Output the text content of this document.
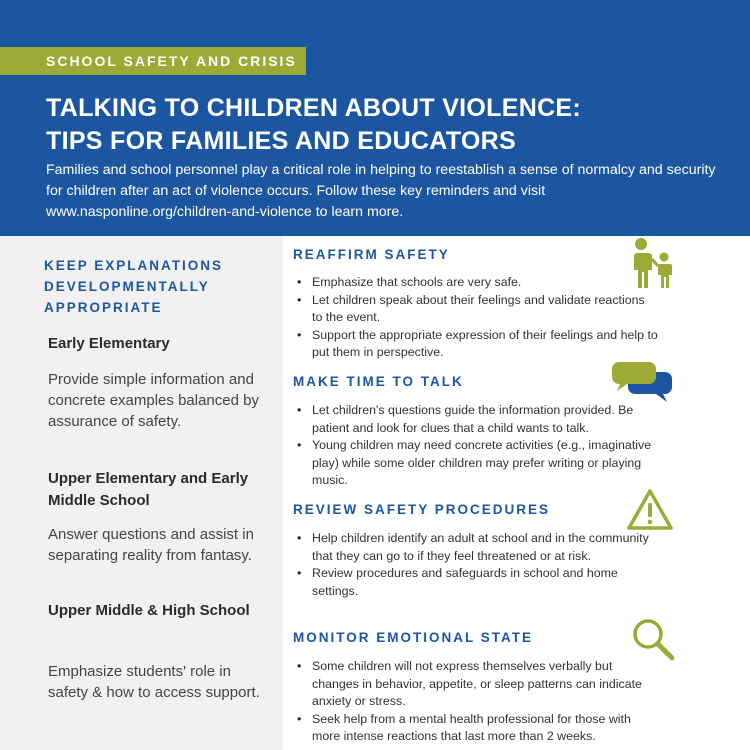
SCHOOL SAFETY AND CRISIS
TALKING TO CHILDREN ABOUT VIOLENCE:
TIPS FOR FAMILIES AND EDUCATORS
Families and school personnel play a critical role in helping to reestablish a sense of normalcy and security for children after an act of violence occurs. Follow these key reminders and visit www.nasponline.org/children-and-violence to learn more.
KEEP EXPLANATIONS DEVELOPMENTALLY APPROPRIATE
Early Elementary
Provide simple information and concrete examples balanced by assurance of safety.
Upper Elementary and Early Middle School
Answer questions and assist in separating reality from fantasy.
Upper Middle & High School
Emphasize students' role in safety & how to access support.
REAFFIRM SAFETY
• Emphasize that schools are very safe.
• Let children speak about their feelings and validate reactions to the event.
• Support the appropriate expression of their feelings and help to put them in perspective.
MAKE TIME TO TALK
• Let children's questions guide the information provided. Be patient and look for clues that a child wants to talk.
• Young children may need concrete activities (e.g., imaginative play) while some older children may prefer writing or playing music.
REVIEW SAFETY PROCEDURES
• Help children identify an adult at school and in the community that they can go to if they feel threatened or at risk.
• Review procedures and safeguards in school and home settings.
MONITOR EMOTIONAL STATE
• Some children will not express themselves verbally but changes in behavior, appetite, or sleep patterns can indicate anxiety or stress.
• Seek help from a mental health professional for those with more intense reactions that last more than 2 weeks.
